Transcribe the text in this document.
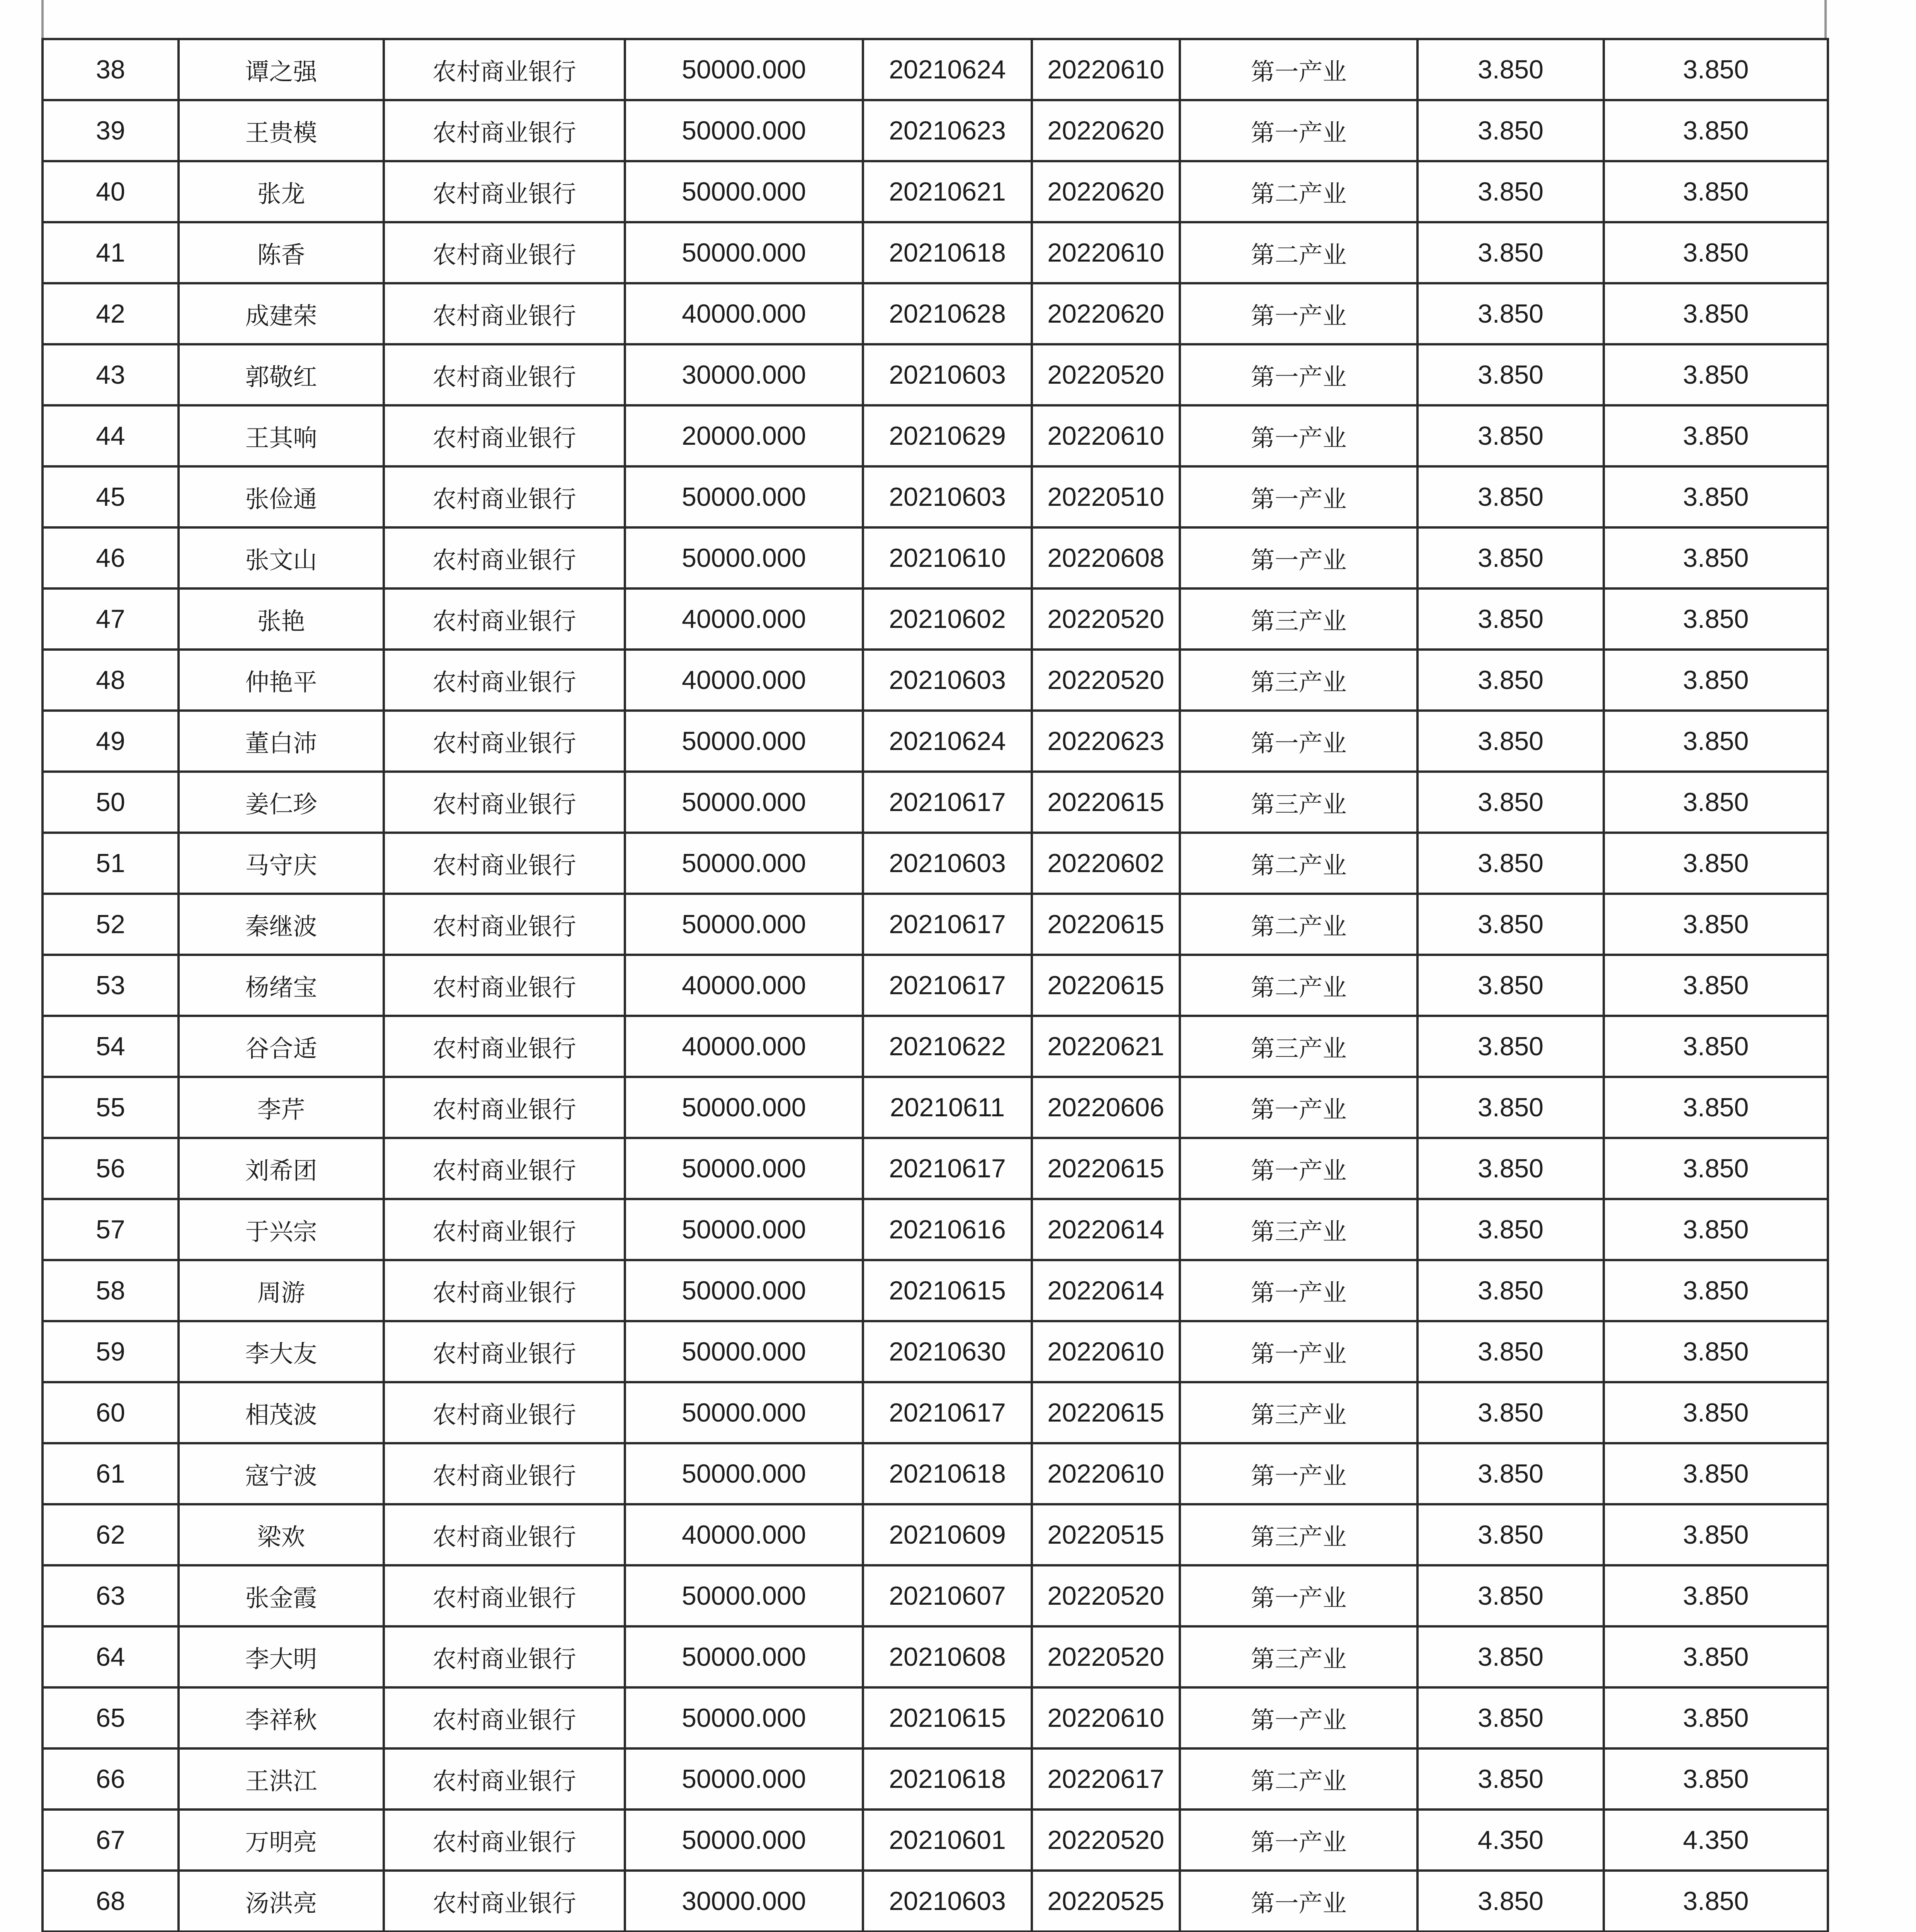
38	谭之强	农村商业银行	50000.000	20210624	20220610	第一产业	3.850	3.850
39	王贵模	农村商业银行	50000.000	20210623	20220620	第一产业	3.850	3.850
40	张龙	农村商业银行	50000.000	20210621	20220620	第二产业	3.850	3.850
41	陈香	农村商业银行	50000.000	20210618	20220610	第二产业	3.850	3.850
42	成建荣	农村商业银行	40000.000	20210628	20220620	第一产业	3.850	3.850
43	郭敬红	农村商业银行	30000.000	20210603	20220520	第一产业	3.850	3.850
44	王其响	农村商业银行	20000.000	20210629	20220610	第一产业	3.850	3.850
45	张俭通	农村商业银行	50000.000	20210603	20220510	第一产业	3.850	3.850
46	张文山	农村商业银行	50000.000	20210610	20220608	第一产业	3.850	3.850
47	张艳	农村商业银行	40000.000	20210602	20220520	第三产业	3.850	3.850
48	仲艳平	农村商业银行	40000.000	20210603	20220520	第三产业	3.850	3.850
49	董白沛	农村商业银行	50000.000	20210624	20220623	第一产业	3.850	3.850
50	姜仁珍	农村商业银行	50000.000	20210617	20220615	第三产业	3.850	3.850
51	马守庆	农村商业银行	50000.000	20210603	20220602	第二产业	3.850	3.850
52	秦继波	农村商业银行	50000.000	20210617	20220615	第二产业	3.850	3.850
53	杨绪宝	农村商业银行	40000.000	20210617	20220615	第二产业	3.850	3.850
54	谷合适	农村商业银行	40000.000	20210622	20220621	第三产业	3.850	3.850
55	李芹	农村商业银行	50000.000	20210611	20220606	第一产业	3.850	3.850
56	刘希团	农村商业银行	50000.000	20210617	20220615	第一产业	3.850	3.850
57	于兴宗	农村商业银行	50000.000	20210616	20220614	第三产业	3.850	3.850
58	周游	农村商业银行	50000.000	20210615	20220614	第一产业	3.850	3.850
59	李大友	农村商业银行	50000.000	20210630	20220610	第一产业	3.850	3.850
60	相茂波	农村商业银行	50000.000	20210617	20220615	第三产业	3.850	3.850
61	寇宁波	农村商业银行	50000.000	20210618	20220610	第一产业	3.850	3.850
62	梁欢	农村商业银行	40000.000	20210609	20220515	第三产业	3.850	3.850
63	张金霞	农村商业银行	50000.000	20210607	20220520	第一产业	3.850	3.850
64	李大明	农村商业银行	50000.000	20210608	20220520	第三产业	3.850	3.850
65	李祥秋	农村商业银行	50000.000	20210615	20220610	第一产业	3.850	3.850
66	王洪江	农村商业银行	50000.000	20210618	20220617	第二产业	3.850	3.850
67	万明亮	农村商业银行	50000.000	20210601	20220520	第一产业	4.350	4.350
68	汤洪亮	农村商业银行	30000.000	20210603	20220525	第一产业	3.850	3.850
